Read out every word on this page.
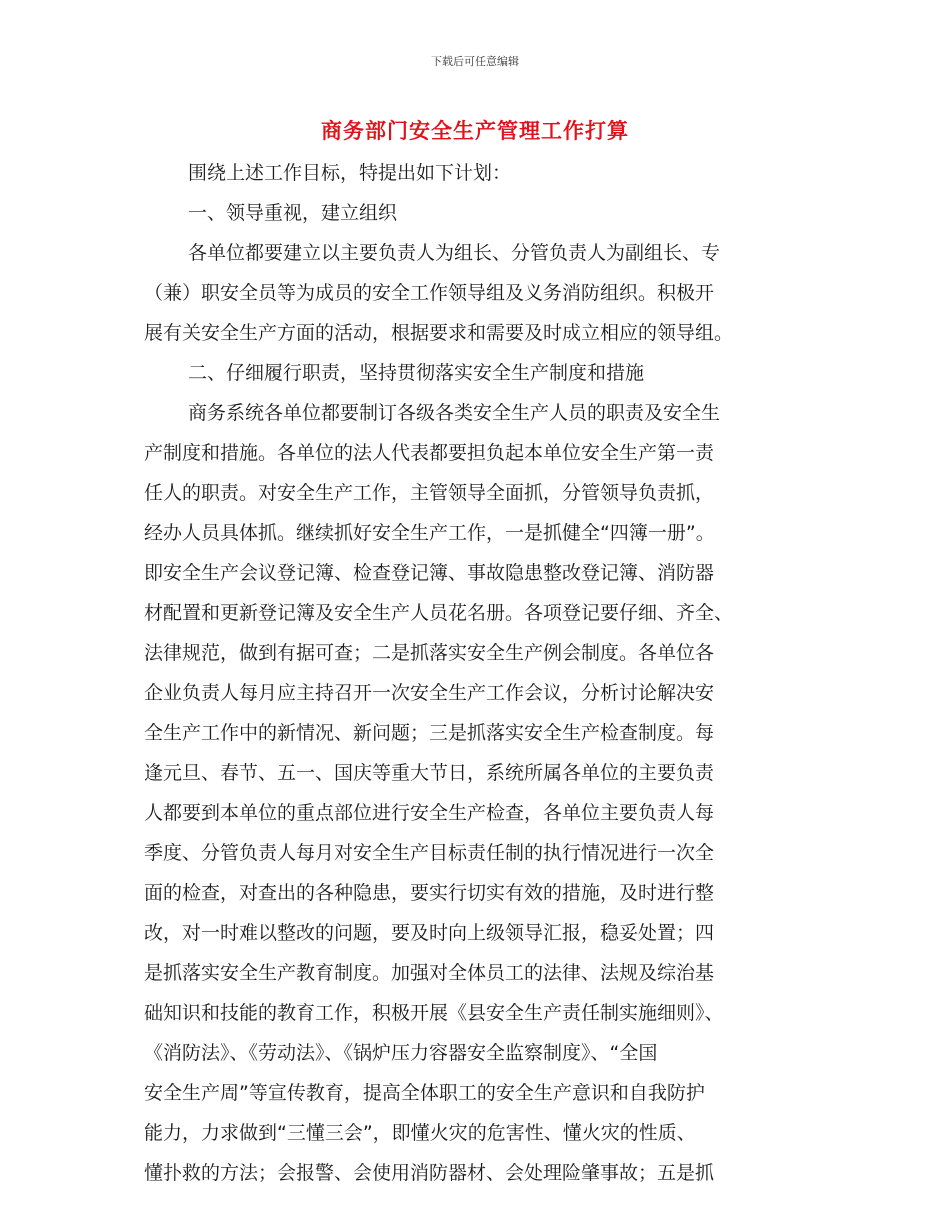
下载后可任意编辑
商务部门安全生产管理工作打算
围绕上述工作目标，特提出如下计划：
一、领导重视，建立组织
各单位都要建立以主要负责人为组长、分管负责人为副组长、专
（兼）职安全员等为成员的安全工作领导组及义务消防组织。积极开
展有关安全生产方面的活动，根据要求和需要及时成立相应的领导组。
二、仔细履行职责，坚持贯彻落实安全生产制度和措施
商务系统各单位都要制订各级各类安全生产人员的职责及安全生
产制度和措施。各单位的法人代表都要担负起本单位安全生产第一责
任人的职责。对安全生产工作，主管领导全面抓，分管领导负责抓，
经办人员具体抓。继续抓好安全生产工作，一是抓健全“四簿一册”。
即安全生产会议登记簿、检查登记簿、事故隐患整改登记簿、消防器
材配置和更新登记簿及安全生产人员花名册。各项登记要仔细、齐全、
法律规范，做到有据可查；二是抓落实安全生产例会制度。各单位各
企业负责人每月应主持召开一次安全生产工作会议，分析讨论解决安
全生产工作中的新情况、新问题；三是抓落实安全生产检查制度。每
逢元旦、春节、五一、国庆等重大节日，系统所属各单位的主要负责
人都要到本单位的重点部位进行安全生产检查，各单位主要负责人每
季度、分管负责人每月对安全生产目标责任制的执行情况进行一次全
面的检查，对查出的各种隐患，要实行切实有效的措施，及时进行整
改，对一时难以整改的问题，要及时向上级领导汇报，稳妥处置；四
是抓落实安全生产教育制度。加强对全体员工的法律、法规及综治基
础知识和技能的教育工作，积极开展《县安全生产责任制实施细则》、
《消防法》、《劳动法》、《锅炉压力容器安全监察制度》、“全国
安全生产周”等宣传教育，提高全体职工的安全生产意识和自我防护
能力，力求做到“三懂三会”，即懂火灾的危害性、懂火灾的性质、
懂扑救的方法；会报警、会使用消防器材、会处理险肇事故；五是抓
